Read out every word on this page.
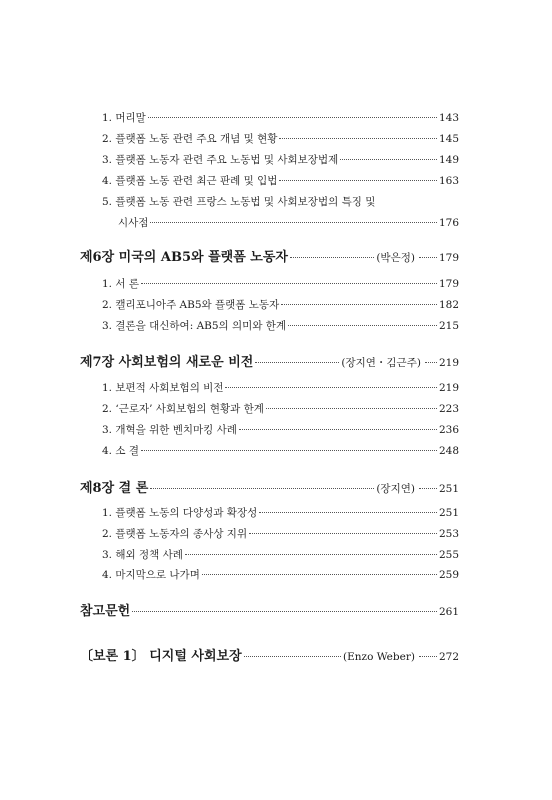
1. 머리말	143
2. 플랫폼 노동 관련 주요 개념 및 현황	145
3. 플랫폼 노동자 관련 주요 노동법 및 사회보장법제	149
4. 플랫폼 노동 관련 최근 판례 및 입법	163
5. 플랫폼 노동 관련 프랑스 노동법 및 사회보장법의 특징 및
시사점	176
제6장 미국의 AB5와 플랫폼 노동자	(박은정) 179
1. 서 론	179
2. 캘리포니아주 AB5와 플랫폼 노동자	182
3. 결론을 대신하여: AB5의 의미와 한계	215
제7장 사회보험의 새로운 비전	(장지연・김근주) 219
1. 보편적 사회보험의 비전	219
2. ‘근로자’ 사회보험의 현황과 한계	223
3. 개혁을 위한 벤치마킹 사례	236
4. 소 결	248
제8장 결 론	(장지연) 251
1. 플랫폼 노동의 다양성과 확장성	251
2. 플랫폼 노동자의 종사상 지위	253
3. 해외 정책 사례	255
4. 마지막으로 나가며	259
참고문헌	261
〔보론 1〕 디지털 사회보장	(Enzo Weber) 272
